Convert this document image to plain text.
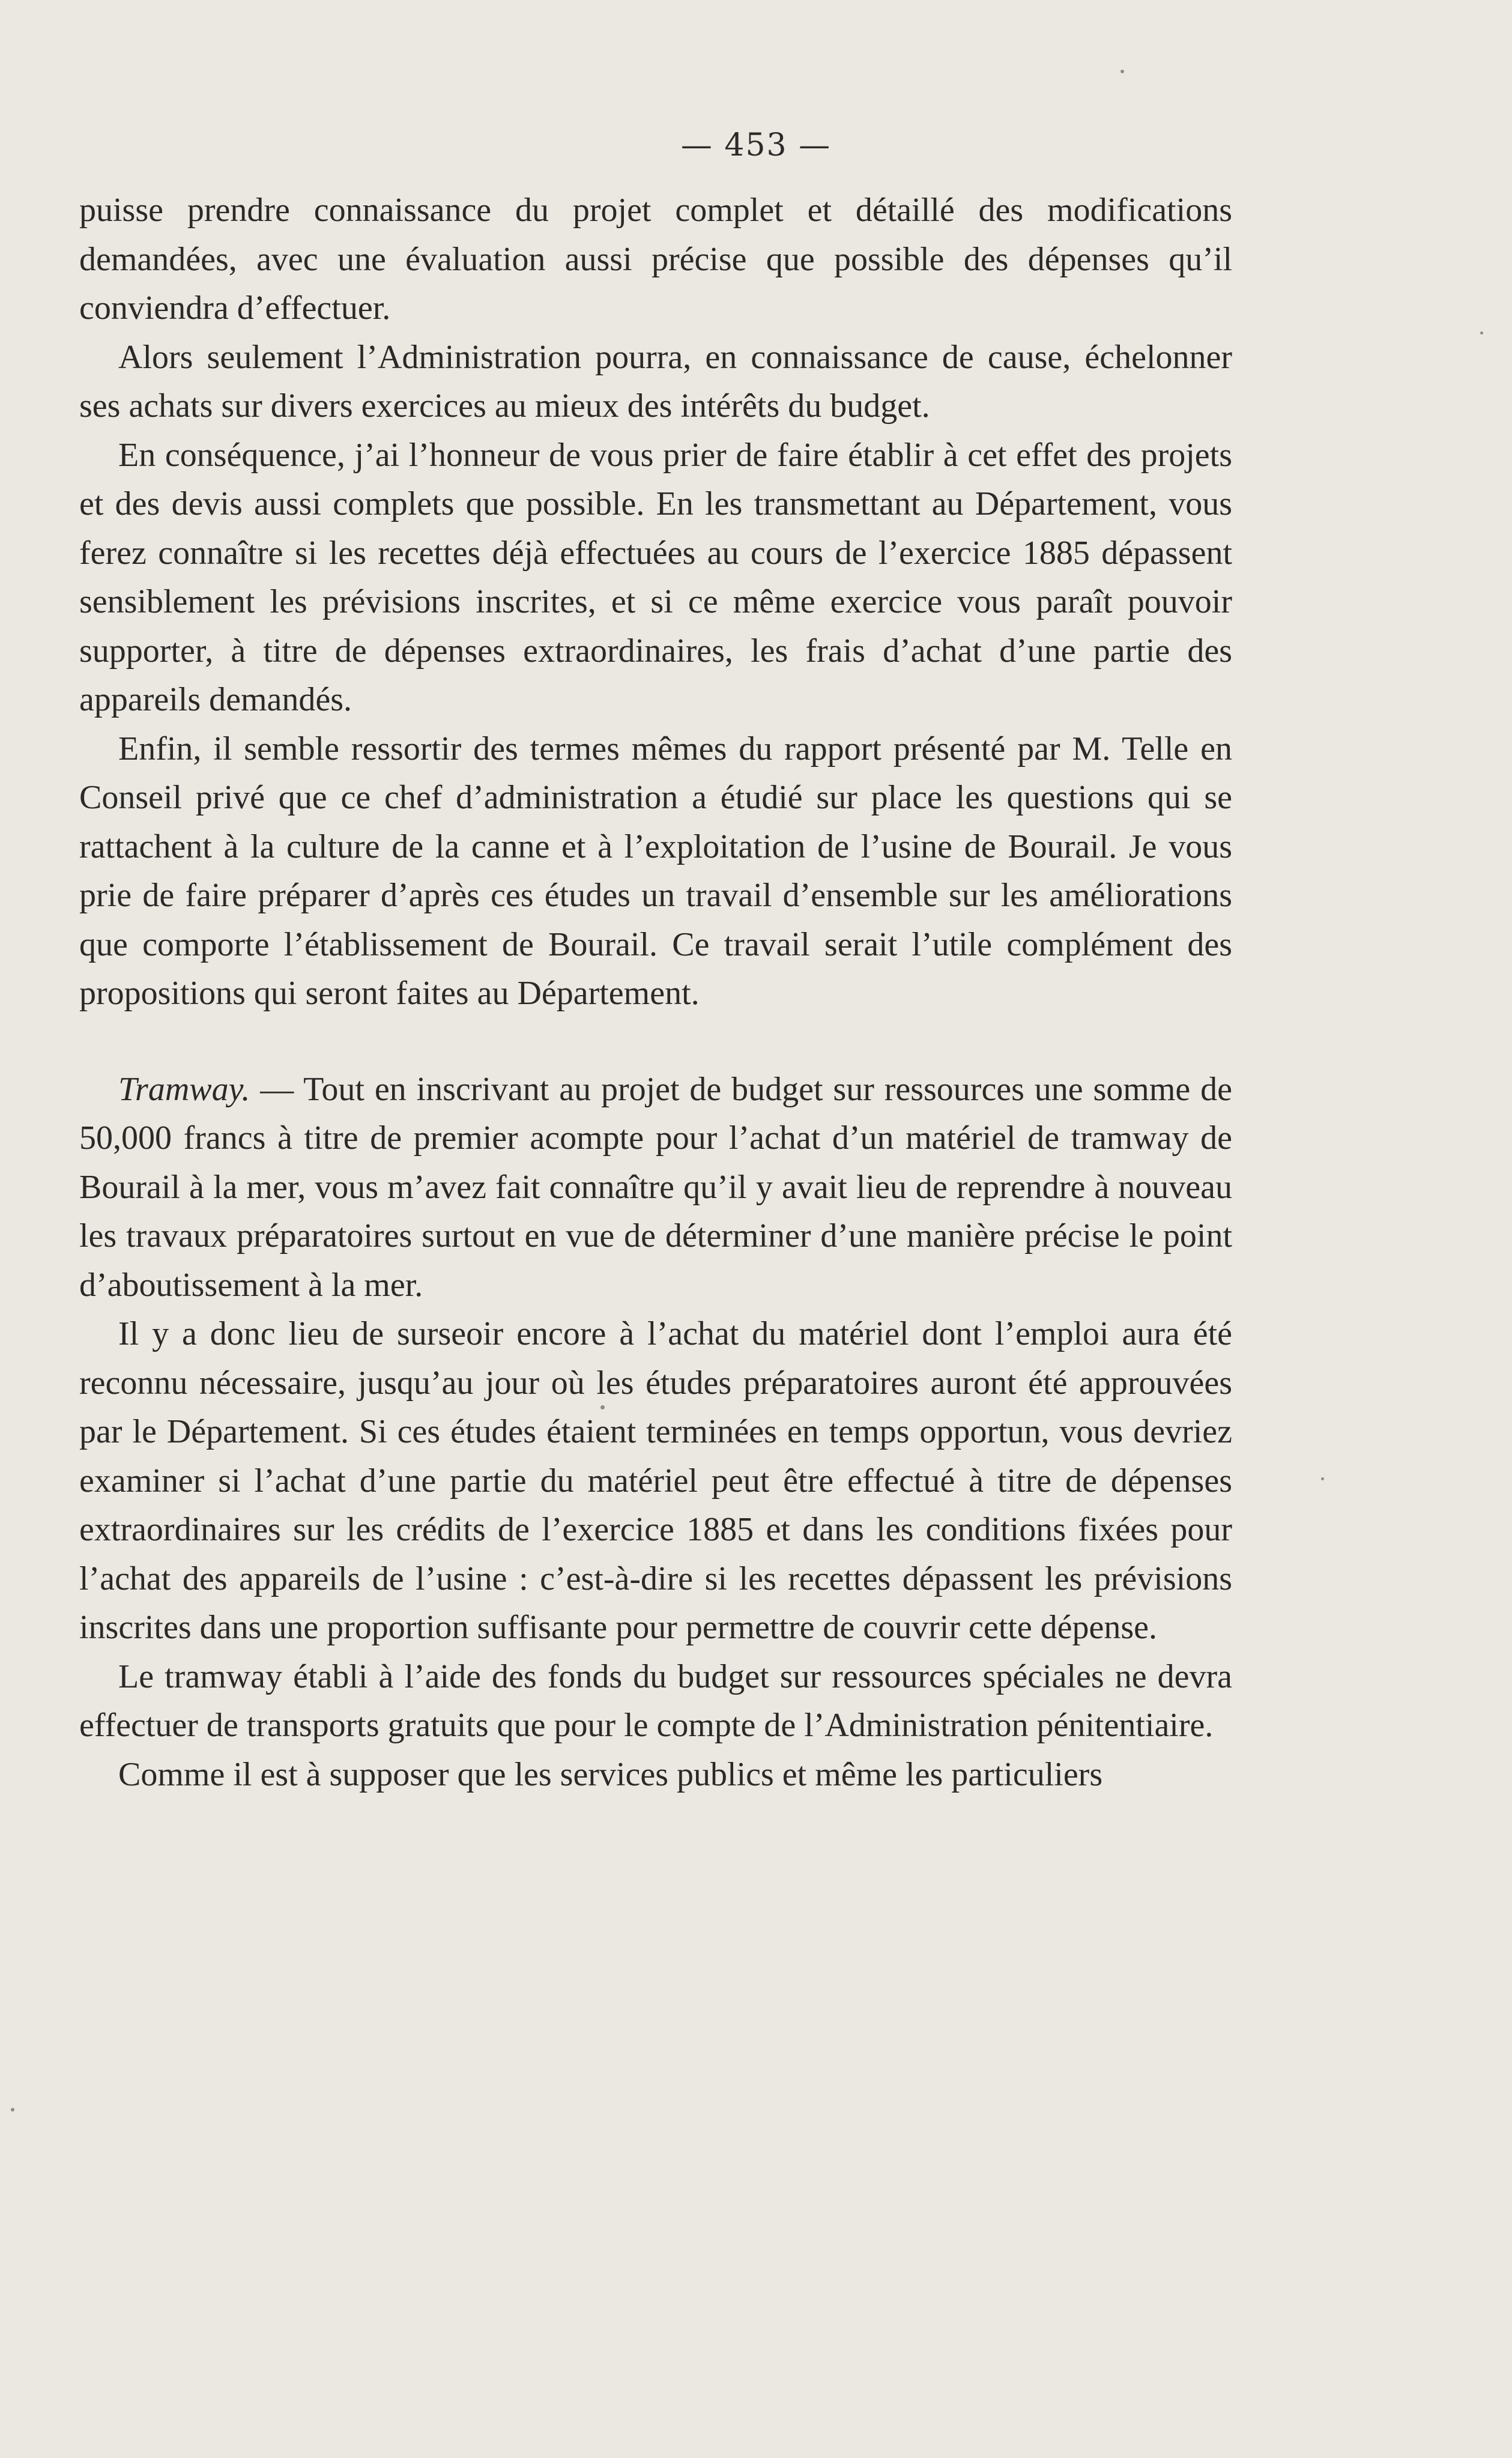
— 453 —

puisse prendre connaissance du projet complet et détaillé des modifications demandées, avec une évaluation aussi précise que possible des dépenses qu’il conviendra d’effectuer.

Alors seulement l’Administration pourra, en connaissance de cause, échelonner ses achats sur divers exercices au mieux des intérêts du budget.

En conséquence, j’ai l’honneur de vous prier de faire établir à cet effet des projets et des devis aussi complets que possible. En les transmettant au Département, vous ferez connaître si les recettes déjà effectuées au cours de l’exercice 1885 dépassent sensiblement les prévisions inscrites, et si ce même exercice vous paraît pouvoir supporter, à titre de dépenses extraordinaires, les frais d’achat d’une partie des appareils demandés.

Enfin, il semble ressortir des termes mêmes du rapport présenté par M. Telle en Conseil privé que ce chef d’administration a étudié sur place les questions qui se rattachent à la culture de la canne et à l’exploitation de l’usine de Bourail. Je vous prie de faire préparer d’après ces études un travail d’ensemble sur les améliorations que comporte l’établissement de Bourail. Ce travail serait l’utile complément des propositions qui seront faites au Département.

Tramway. — Tout en inscrivant au projet de budget sur ressources une somme de 50,000 francs à titre de premier acompte pour l’achat d’un matériel de tramway de Bourail à la mer, vous m’avez fait connaître qu’il y avait lieu de reprendre à nouveau les travaux préparatoires surtout en vue de déterminer d’une manière précise le point d’aboutissement à la mer.

Il y a donc lieu de surseoir encore à l’achat du matériel dont l’emploi aura été reconnu nécessaire, jusqu’au jour où les études préparatoires auront été approuvées par le Département. Si ces études étaient terminées en temps opportun, vous devriez examiner si l’achat d’une partie du matériel peut être effectué à titre de dépenses extraordinaires sur les crédits de l’exercice 1885 et dans les conditions fixées pour l’achat des appareils de l’usine : c’est-à-dire si les recettes dépassent les prévisions inscrites dans une proportion suffisante pour permettre de couvrir cette dépense.

Le tramway établi à l’aide des fonds du budget sur ressources spéciales ne devra effectuer de transports gratuits que pour le compte de l’Administration pénitentiaire.

Comme il est à supposer que les services publics et même les particuliers
